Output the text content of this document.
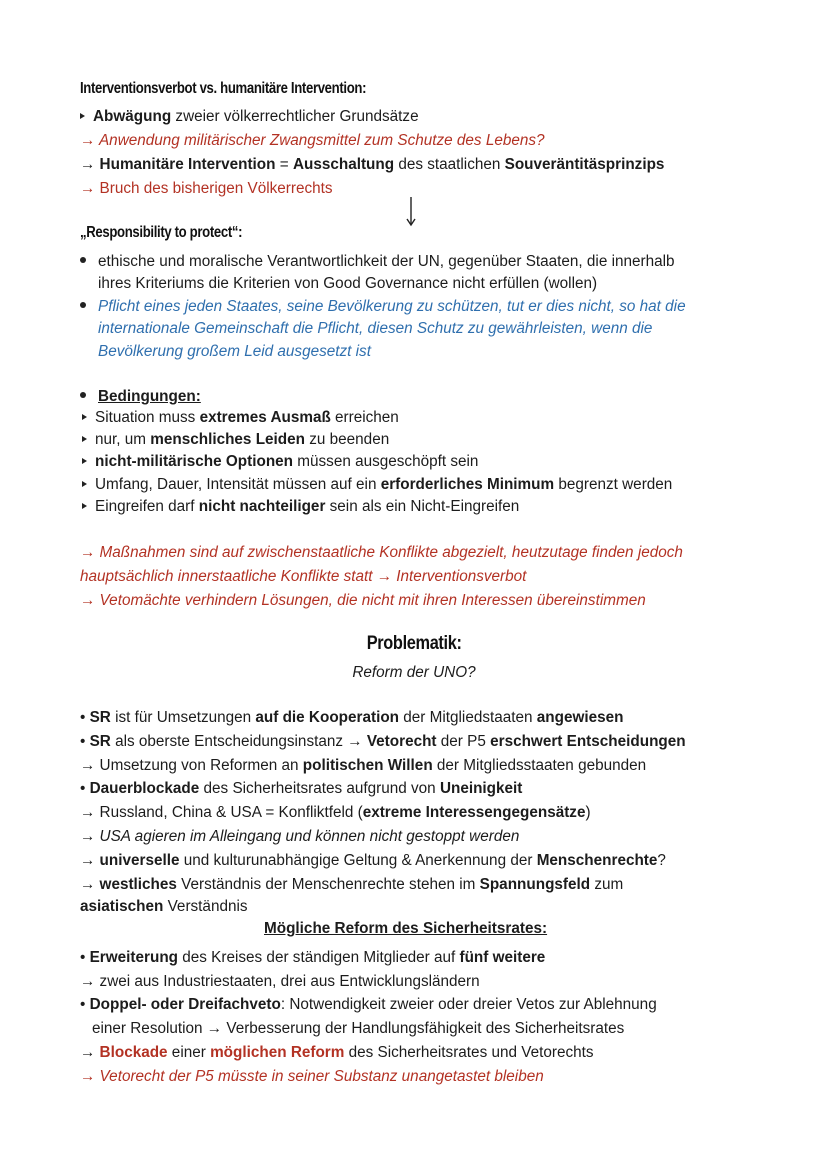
Interventionsverbot vs. humanitäre Intervention:
Abwägung zweier völkerrechtlicher Grundsätze
→ Anwendung militärischer Zwangsmittel zum Schutze des Lebens?
→ Humanitäre Intervention = Ausschaltung des staatlichen Souveräntitäsprinzips
→ Bruch des bisherigen Völkerrechts
„Responsibility to protect“:
ethische und moralische Verantwortlichkeit der UN, gegenüber Staaten, die innerhalb
ihres Kriteriums die Kriterien von Good Governance nicht erfüllen (wollen)
Pflicht eines jeden Staates, seine Bevölkerung zu schützen, tut er dies nicht, so hat die
internationale Gemeinschaft die Pflicht, diesen Schutz zu gewährleisten, wenn die
Bevölkerung großem Leid ausgesetzt ist
Bedingungen:
Situation muss extremes Ausmaß erreichen
nur, um menschliches Leiden zu beenden
nicht-militärische Optionen müssen ausgeschöpft sein
Umfang, Dauer, Intensität müssen auf ein erforderliches Minimum begrenzt werden
Eingreifen darf nicht nachteiliger sein als ein Nicht-Eingreifen
→ Maßnahmen sind auf zwischenstaatliche Konflikte abgezielt, heutzutage finden jedoch
hauptsächlich innerstaatliche Konflikte statt → Interventionsverbot
→ Vetomächte verhindern Lösungen, die nicht mit ihren Interessen übereinstimmen
Problematik:
Reform der UNO?
• SR ist für Umsetzungen auf die Kooperation der Mitgliedstaaten angewiesen
• SR als oberste Entscheidungsinstanz → Vetorecht der P5 erschwert Entscheidungen
→ Umsetzung von Reformen an politischen Willen der Mitgliedsstaaten gebunden
• Dauerblockade des Sicherheitsrates aufgrund von Uneinigkeit
→ Russland, China & USA = Konfliktfeld (extreme Interessengegensätze)
→ USA agieren im Alleingang und können nicht gestoppt werden
→ universelle und kulturunabhängige Geltung & Anerkennung der Menschenrechte?
→ westliches Verständnis der Menschenrechte stehen im Spannungsfeld zum
asiatischen Verständnis
Mögliche Reform des Sicherheitsrates:
• Erweiterung des Kreises der ständigen Mitglieder auf fünf weitere
→ zwei aus Industriestaaten, drei aus Entwicklungsländern
• Doppel- oder Dreifachveto: Notwendigkeit zweier oder dreier Vetos zur Ablehnung
einer Resolution → Verbesserung der Handlungsfähigkeit des Sicherheitsrates
→ Blockade einer möglichen Reform des Sicherheitsrates und Vetorechts
→ Vetorecht der P5 müsste in seiner Substanz unangetastet bleiben
